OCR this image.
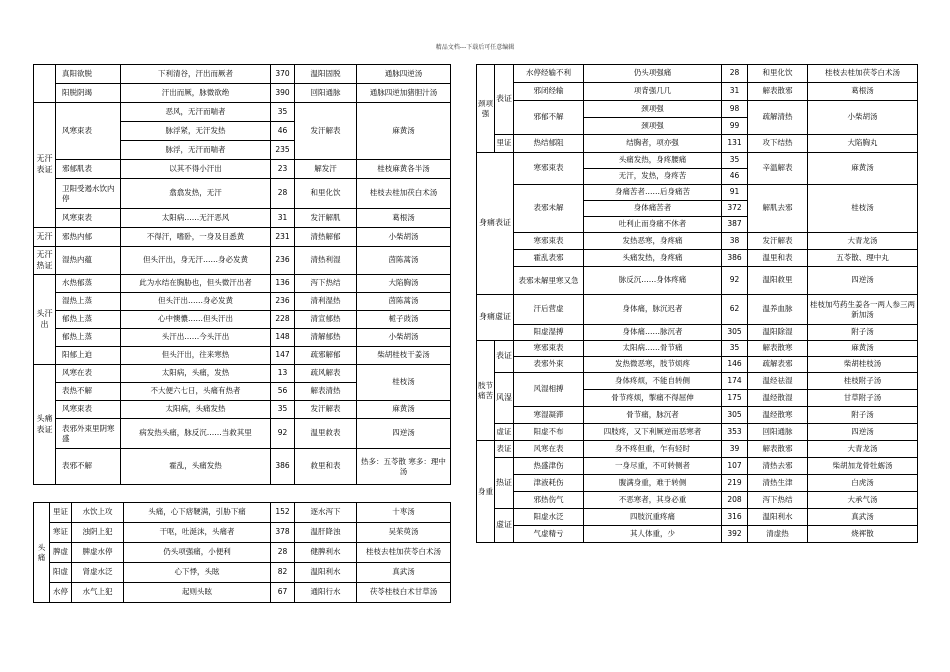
精品文档---下载后可任意编辑
	真阳欲脱	下利清谷，汗出而厥者	370	温阳固脱	通脉四逆汤
	阳脱阴竭	汗出而厥，脉微欲绝	390	回阳通脉	通脉四逆加猪胆汁汤
无汗表证	风寒束表	恶风，无汗而喘者	35	发汗解表	麻黄汤
		脉浮紧，无汗发热	46		
		脉浮，无汗而喘者	235		
	邪郁肌表	以其不得小汗出	23	解发汗	桂枝麻黄各半汤
	卫阳受遏水饮内停	翕翕发热，无汗	28	和里化饮	桂枝去桂加茯白术汤
	风寒束表	太阳病……无汗恶风	31	发汗解肌	葛根汤
无汗	邪热内郁	不得汗，嗜卧，一身及目悉黄	231	清热解郁	小柴胡汤
无汗热证	湿热内蕴	但头汗出，身无汗……身必发黄	236	清热利湿	茵陈蒿汤
头汗出	水热郁蒸	此为水结在胸胁也，但头微汗出者	136	泻下热结	大陷胸汤
	湿热上蒸	但头汗出……身必发黄	236	清利湿热	茵陈蒿汤
	郁热上蒸	心中懊憹……但头汗出	228	清宣郁热	栀子豉汤
	郁热上蒸	头汗出……今头汗出	148	清解郁热	小柴胡汤
	阳郁上迫	但头汗出，往来寒热	147	疏邪解郁	柴胡桂枝干姜汤
头痛表证	风寒在表	太阳病，头痛，发热	13	疏风解表	桂枝汤
	表热不解	不大便六七日，头痛有热者	56	解表清热	
	风寒束表	太阳病，头痛发热	35	发汗解表	麻黄汤
	表邪外束里阴寒盛	病发热头痛，脉反沉……当救其里	92	温里救表	四逆汤
	表邪不解	霍乱，头痛发热	386	救里和表	热多：五苓散 寒多：理中汤
头痛	里证	水饮上攻	头痛，心下痞鞕满，引胁下痛	152	逐水泻下	十枣汤
	寒证	浊阴上犯	干呕，吐涎沫，头痛者	378	温肝降浊	吴茱萸汤
	脾虚	脾虚水停	仍头项强痛，小便利	28	健脾利水	桂枝去桂加茯苓白术汤
	阳虚	肾虚水泛	心下悸，头眩	82	温阳利水	真武汤
	水停	水气上犯	起则头眩	67	通阳行水	茯苓桂枝白术甘草汤
颈项强	表证	水停经输不利	仍头项强痛	28	和里化饮	桂枝去桂加茯苓白术汤
		邪闭经输	项背强几几	31	解表散邪	葛根汤
		邪郁不解	颈项强	98	疏解清热	小柴胡汤
			颈项强	99		
	里证	热结郁阻	结胸者，项亦强	131	攻下结热	大陷胸丸
身痛表证		寒邪束表	头痛发热，身疼腰痛	35	辛温解表	麻黄汤
			无汗，发热，身疼苦	46		
		表邪未解	身痛苦者……后身痛苦	91	解肌去邪	桂枝汤
			身体痛苦者	372		
			吐利止而身痛不休者	387		
		寒邪束表	发热恶寒，身疼痛	38	发汗解表	大青龙汤
		霍乱表邪	头痛发热，身疼痛	386	温里和表	五苓散、理中丸
		表邪未解里寒又急	脉反沉……身体疼痛	92	温阳救里	四逆汤
身痛虚证		汗后营虚	身体痛，脉沉迟者	62	温养血脉	桂枝加芍药生姜各一两人参三两新加汤
		阳虚湿搏	身体痛……脉沉者	305	温阳除湿	附子汤
肢节痛苦	表证	寒邪束表	太阳病……骨节痛	35	解表散寒	麻黄汤
		表邪外束	发热微恶寒，肢节烦疼	146	疏解表邪	柴胡桂枝汤
	风湿	风湿相搏	身体疼烦，不能自转侧	174	温经祛湿	桂枝附子汤
			骨节疼烦，掣痛不得屈伸	175	温经散湿	甘草附子汤
		寒湿凝滞	骨节痛，脉沉者	305	温经散寒	附子汤
	虚证	阳虚不布	四肢疼，又下利厥逆而恶寒者	353	回阳通脉	四逆汤
身重	表证	风寒在表	身不疼但重，乍有轻时	39	解表散邪	大青龙汤
	热证	热盛津伤	一身尽重，不可转侧者	107	清热去邪	柴胡加龙骨牡蛎汤
		津液耗伤	腹满身重，难于转侧	219	清热生津	白虎汤
		邪热伤气	不恶寒者，其身必重	208	泻下热结	大承气汤
	虚证	阳虚水泛	四肢沉重疼痛	316	温阳利水	真武汤
		气虚精亏	其人体重，少	392	清虚热	烧裈散
